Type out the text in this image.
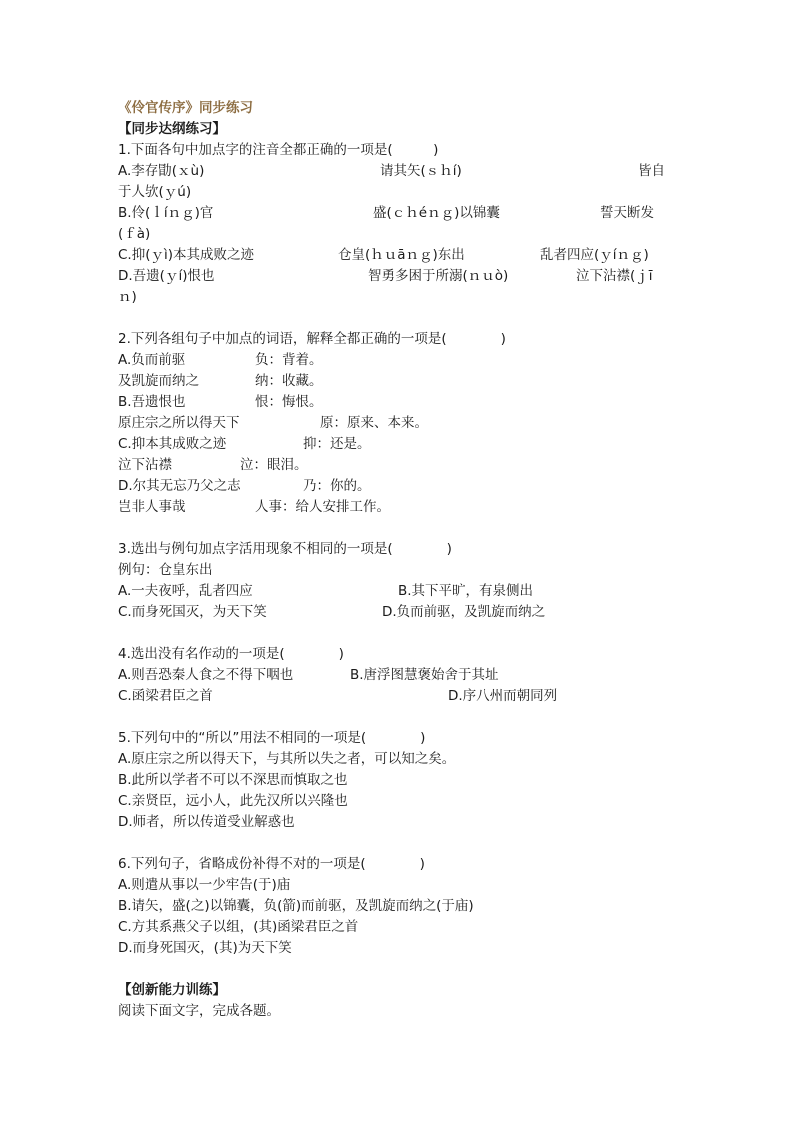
《伶官传序》同步练习
【同步达纲练习】
1.下面各句中加点字的注音全都正确的一项是(　　　)
A.李存勖(ｘù)	请其矢(ｓｈí)	皆自
于人欤(ｙú)
B.伶(ｌíｎｇ)官	盛(ｃｈéｎｇ)以锦囊	誓天断发
(ｆà)
C.抑(ｙì)本其成败之迹	仓皇(ｈｕāｎｇ)东出	乱者四应(ｙíｎｇ)
D.吾遗(ｙí)恨也	智勇多困于所溺(ｎｕò)	泣下沾襟(ｊī
ｎ)
2.下列各组句子中加点的词语，解释全都正确的一项是(　　　　)
A.负而前驱	负：背着。
及凯旋而纳之	纳：收藏。
B.吾遗恨也	恨：悔恨。
原庄宗之所以得天下	原：原来、本来。
C.抑本其成败之迹	抑：还是。
泣下沾襟	泣：眼泪。
D.尔其无忘乃父之志	乃：你的。
岂非人事哉	人事：给人安排工作。
3.选出与例句加点字活用现象不相同的一项是(　　　　)
例句：仓皇东出
A.一夫夜呼，乱者四应	B.其下平旷，有泉侧出
C.而身死国灭，为天下笑	D.负而前驱，及凯旋而纳之
4.选出没有名作动的一项是(　　　　)
A.则吾恐秦人食之不得下咽也	B.唐浮图慧褒始舍于其址
C.函梁君臣之首	D.序八州而朝同列
5.下列句中的“所以”用法不相同的一项是(　　　　)
A.原庄宗之所以得天下，与其所以失之者，可以知之矣。
B.此所以学者不可以不深思而慎取之也
C.亲贤臣，远小人，此先汉所以兴隆也
D.师者，所以传道受业解惑也
6.下列句子，省略成份补得不对的一项是(　　　　)
A.则遣从事以一少牢告(于)庙
B.请矢，盛(之)以锦囊，负(箭)而前驱，及凯旋而纳之(于庙)
C.方其系燕父子以组，(其)函梁君臣之首
D.而身死国灭，(其)为天下笑
【创新能力训练】
阅读下面文字，完成各题。
